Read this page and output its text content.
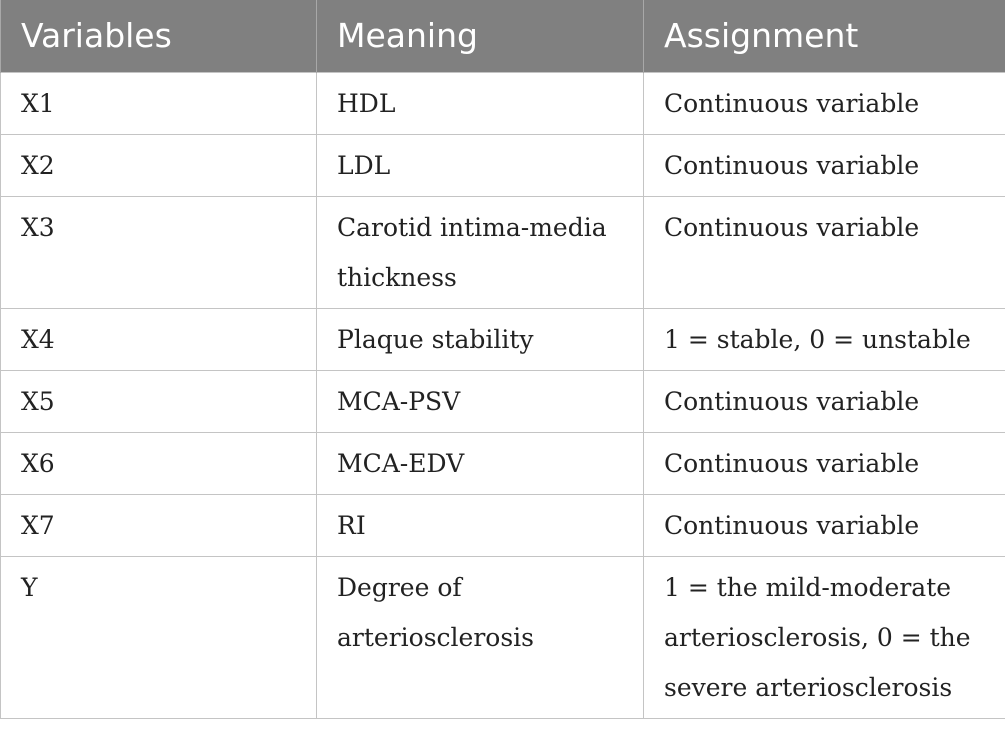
Variables	Meaning	Assignment
X1	HDL	Continuous variable
X2	LDL	Continuous variable
X3	Carotid intima-media thickness	Continuous variable
X4	Plaque stability	1 = stable, 0 = unstable
X5	MCA-PSV	Continuous variable
X6	MCA-EDV	Continuous variable
X7	RI	Continuous variable
Y	Degree of arteriosclerosis	1 = the mild-moderate arteriosclerosis, 0 = the severe arteriosclerosis
